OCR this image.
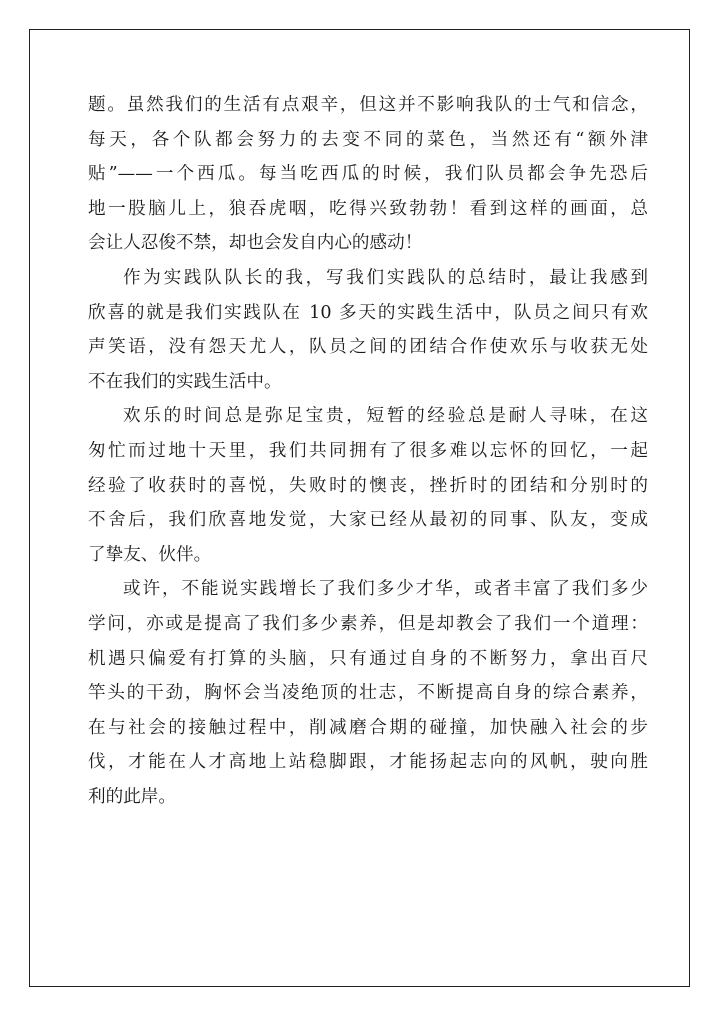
题。虽然我们的生活有点艰辛，但这并不影响我队的士气和信念，
每天，各个队都会努力的去变不同的菜色，当然还有“额外津
贴”——一个西瓜。每当吃西瓜的时候，我们队员都会争先恐后
地一股脑儿上，狼吞虎咽，吃得兴致勃勃！看到这样的画面，总
会让人忍俊不禁，却也会发自内心的感动！
作为实践队队长的我，写我们实践队的总结时，最让我感到
欣喜的就是我们实践队在 10 多天的实践生活中，队员之间只有欢
声笑语，没有怨天尤人，队员之间的团结合作使欢乐与收获无处
不在我们的实践生活中。
欢乐的时间总是弥足宝贵，短暂的经验总是耐人寻味，在这
匆忙而过地十天里，我们共同拥有了很多难以忘怀的回忆，一起
经验了收获时的喜悦，失败时的懊丧，挫折时的团结和分别时的
不舍后，我们欣喜地发觉，大家已经从最初的同事、队友，变成
了挚友、伙伴。
或许，不能说实践增长了我们多少才华，或者丰富了我们多少
学问，亦或是提高了我们多少素养，但是却教会了我们一个道理：
机遇只偏爱有打算的头脑，只有通过自身的不断努力，拿出百尺
竿头的干劲，胸怀会当凌绝顶的壮志，不断提高自身的综合素养，
在与社会的接触过程中，削减磨合期的碰撞，加快融入社会的步
伐，才能在人才高地上站稳脚跟，才能扬起志向的风帆，驶向胜
利的此岸。
